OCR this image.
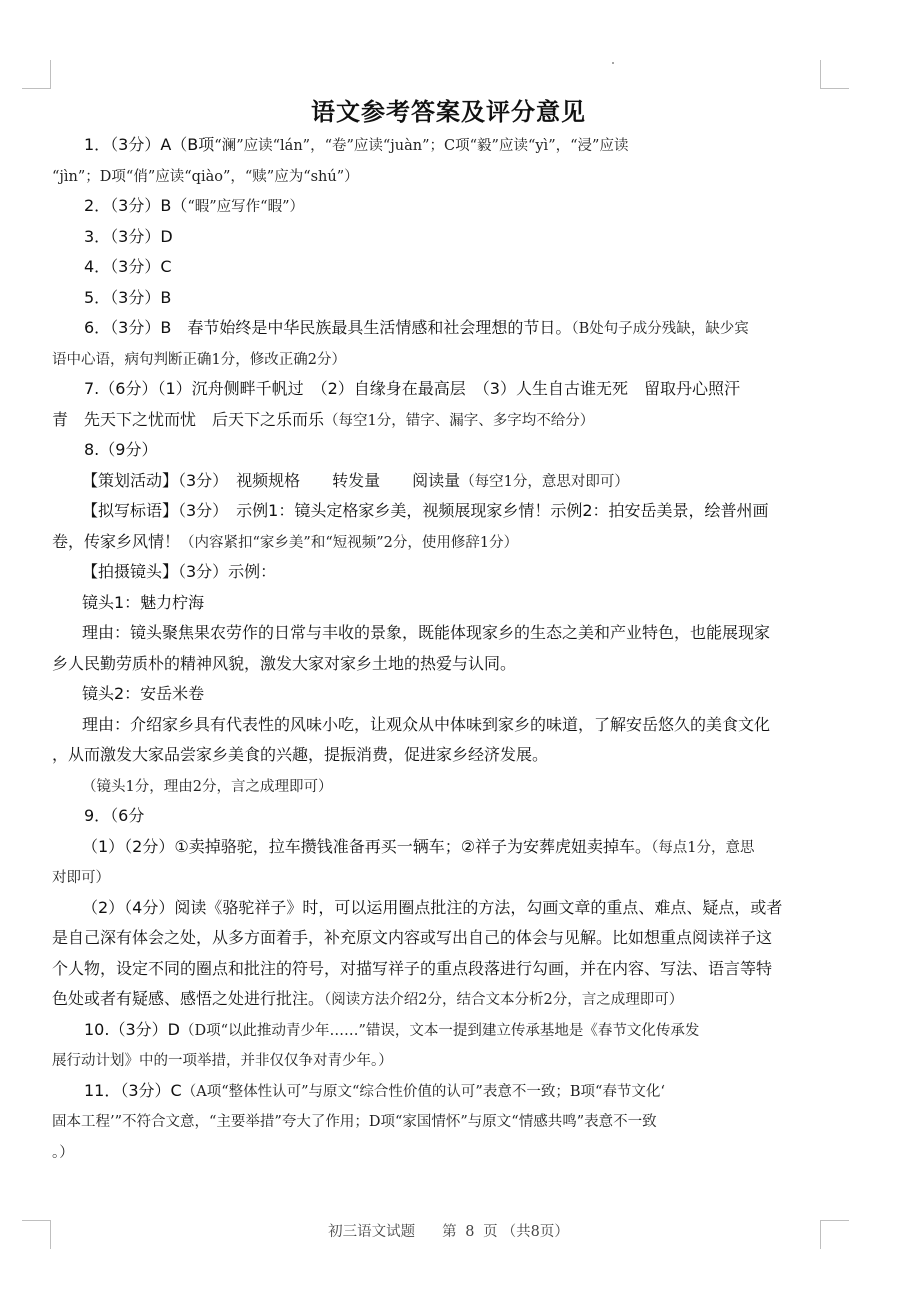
语文参考答案及评分意见
1．（3分）A（B项“澜”应读“lán”，“卷”应读“juàn”；C项“毅”应读“yì”，“浸”应读
“jìn”；D项“俏”应读“qiào”，“赎”应为“shú”）
2．（3分）B（“暇”应写作“暇”）
3．（3分）D
4．（3分）C
5．（3分）B
6．（3分）B　春节始终是中华民族最具生活情感和社会理想的节日。（B处句子成分残缺，缺少宾
语中心语，病句判断正确1分，修改正确2分）
7.（6分）（1）沉舟侧畔千帆过　（2）自缘身在最高层　（3）人生自古谁无死　留取丹心照汗
青　先天下之忧而忧　后天下之乐而乐（每空1分，错字、漏字、多字均不给分）
8.（9分）
【策划活动】（3分）　视频规格　　转发量　　阅读量（每空1分，意思对即可）
【拟写标语】（3分）　示例1：镜头定格家乡美，视频展现家乡情！示例2：拍安岳美景，绘普州画
卷，传家乡风情！（内容紧扣“家乡美”和“短视频”2分，使用修辞1分）
【拍摄镜头】（3分）示例：
镜头1：魅力柠海
理由：镜头聚焦果农劳作的日常与丰收的景象，既能体现家乡的生态之美和产业特色，也能展现家
乡人民勤劳质朴的精神风貌，激发大家对家乡土地的热爱与认同。
镜头2：安岳米卷
理由：介绍家乡具有代表性的风味小吃，让观众从中体味到家乡的味道，了解安岳悠久的美食文化
，从而激发大家品尝家乡美食的兴趣，提振消费，促进家乡经济发展。
（镜头1分，理由2分，言之成理即可）
9．（6分
（1）（2分）①卖掉骆驼，拉车攒钱准备再买一辆车；②祥子为安葬虎妞卖掉车。（每点1分，意思
对即可）
（2）（4分）阅读《骆驼祥子》时，可以运用圈点批注的方法，勾画文章的重点、难点、疑点，或者
是自己深有体会之处，从多方面着手，补充原文内容或写出自己的体会与见解。比如想重点阅读祥子这
个人物，设定不同的圈点和批注的符号，对描写祥子的重点段落进行勾画，并在内容、写法、语言等特
色处或者有疑感、感悟之处进行批注。（阅读方法介绍2分，结合文本分析2分，言之成理即可）
10.（3分）D（D项“以此推动青少年……”错误，文本一提到建立传承基地是《春节文化传承发
展行动计划》中的一项举措，并非仅仅争对青少年。）
11．（3分）C（A项“整体性认可”与原文“综合性价值的认可”表意不一致；B项“春节文化‘
固本工程’”不符合文意，“主要举措”夸大了作用；D项“家国情怀”与原文“情感共鸣”表意不一致
。）
初三语文试题 第 8 页 （共8页）
